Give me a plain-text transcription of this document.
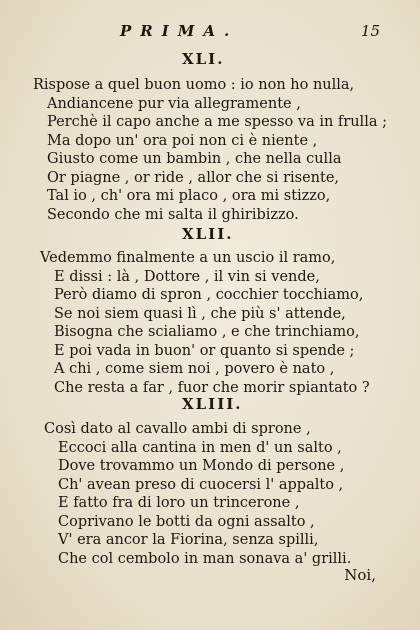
PRIMA.	15
XLI.
Rispose a quel buon uomo : io non ho nulla,
Andiancene pur via allegramente ,
Perchè il capo anche a me spesso va in frulla ;
Ma dopo un' ora poi non ci è niente ,
Giusto come un bambin , che nella culla
Or piagne , or ride , allor che si risente,
Tal io , ch' ora mi placo , ora mi stizzo,
Secondo che mi salta il ghiribizzo.
XLII.
Vedemmo finalmente a un uscio il ramo,
E dissi : là , Dottore , il vin si vende,
Però diamo di spron , cocchier tocchiamo,
Se noi siem quasi lì , che più s' attende,
Bisogna che scialiamo , e che trinchiamo,
E poi vada in buon' or quanto si spende ;
A chi , come siem noi , povero è nato ,
Che resta a far , fuor che morir spiantato ?
XLIII.
Così dato al cavallo ambi di sprone ,
Eccoci alla cantina in men d' un salto ,
Dove trovammo un Mondo di persone ,
Ch' avean preso di cuocersi l' appalto ,
E fatto fra di loro un trincerone ,
Coprivano le botti da ogni assalto ,
V' era ancor la Fiorina, senza spilli,
Che col cembolo in man sonava a' grilli.
Noi,
